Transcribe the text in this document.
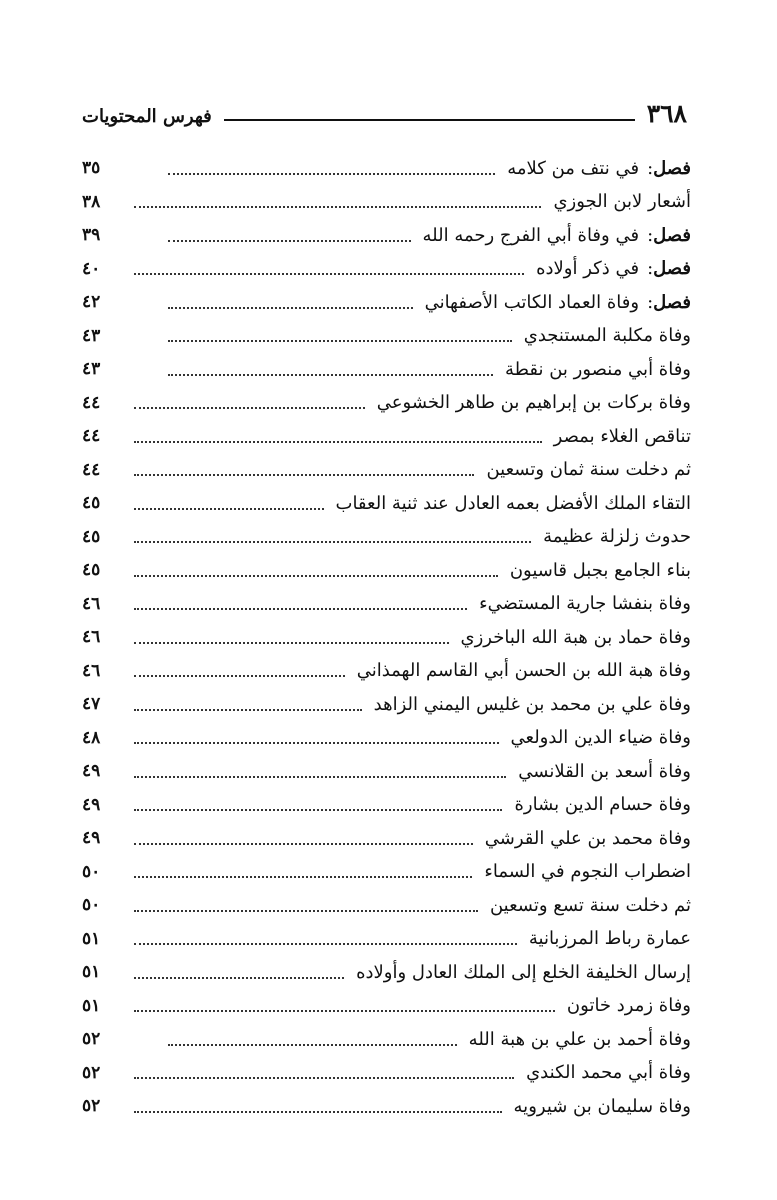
٣٦٨
فهرس المحتويات
فصل
:
في نتف من كلامه
٣٥
أشعار لابن الجوزي
٣٨
فصل
:
في وفاة أبي الفرج رحمه الله
٣٩
فصل
:
في ذكر أولاده
٤٠
فصل
:
وفاة العماد الكاتب الأصفهاني
٤٢
وفاة مكلبة المستنجدي
٤٣
وفاة أبي منصور بن نقطة
٤٣
وفاة بركات بن إبراهيم بن طاهر الخشوعي
٤٤
تناقص الغلاء بمصر
٤٤
ثم دخلت سنة ثمان وتسعين
٤٤
التقاء الملك الأفضل بعمه العادل عند ثنية العقاب
٤٥
حدوث زلزلة عظيمة
٤٥
بناء الجامع بجبل قاسيون
٤٥
وفاة بنفشا جارية المستضيء
٤٦
وفاة حماد بن هبة الله الباخرزي
٤٦
وفاة هبة الله بن الحسن أبي القاسم الهمذاني
٤٦
وفاة علي بن محمد بن غليس اليمني الزاهد
٤٧
وفاة ضياء الدين الدولعي
٤٨
وفاة أسعد بن القلانسي
٤٩
وفاة حسام الدين بشارة
٤٩
وفاة محمد بن علي القرشي
٤٩
اضطراب النجوم في السماء
٥٠
ثم دخلت سنة تسع وتسعين
٥٠
عمارة رباط المرزبانية
٥١
إرسال الخليفة الخلع إلى الملك العادل وأولاده
٥١
وفاة زمرد خاتون
٥١
وفاة أحمد بن علي بن هبة الله
٥٢
وفاة أبي محمد الكندي
٥٢
وفاة سليمان بن شيرويه
٥٢
